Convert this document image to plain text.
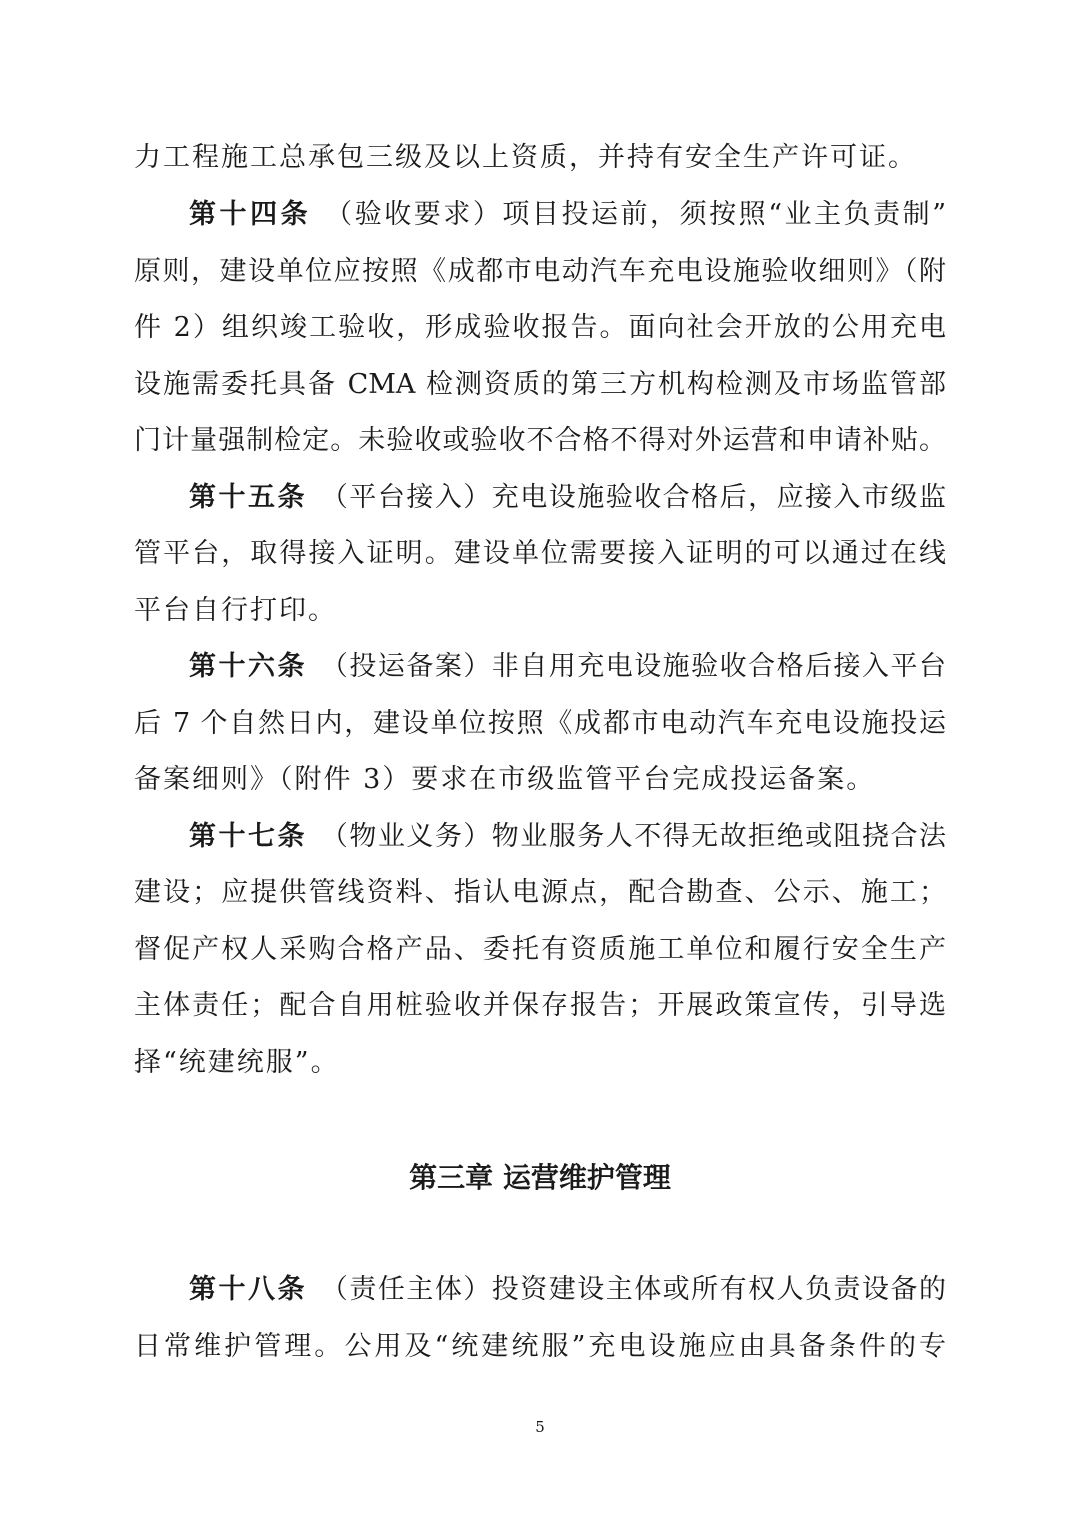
力工程施工总承包三级及以上资质，并持有安全生产许可证。
第十四条 （验收要求）项目投运前，须按照“业主负责制”
原则，建设单位应按照《成都市电动汽车充电设施验收细则》（附
件 2）组织竣工验收，形成验收报告。面向社会开放的公用充电
设施需委托具备 CMA 检测资质的第三方机构检测及市场监管部
门计量强制检定。未验收或验收不合格不得对外运营和申请补贴。
第十五条 （平台接入）充电设施验收合格后，应接入市级监
管平台，取得接入证明。建设单位需要接入证明的可以通过在线
平台自行打印。
第十六条 （投运备案）非自用充电设施验收合格后接入平台
后 7 个自然日内，建设单位按照《成都市电动汽车充电设施投运
备案细则》（附件 3）要求在市级监管平台完成投运备案。
第十七条 （物业义务）物业服务人不得无故拒绝或阻挠合法
建设；应提供管线资料、指认电源点，配合勘查、公示、施工；
督促产权人采购合格产品、委托有资质施工单位和履行安全生产
主体责任；配合自用桩验收并保存报告；开展政策宣传，引导选
择“统建统服”。
第三章 运营维护管理
第十八条 （责任主体）投资建设主体或所有权人负责设备的
日常维护管理。公用及“统建统服”充电设施应由具备条件的专
5
